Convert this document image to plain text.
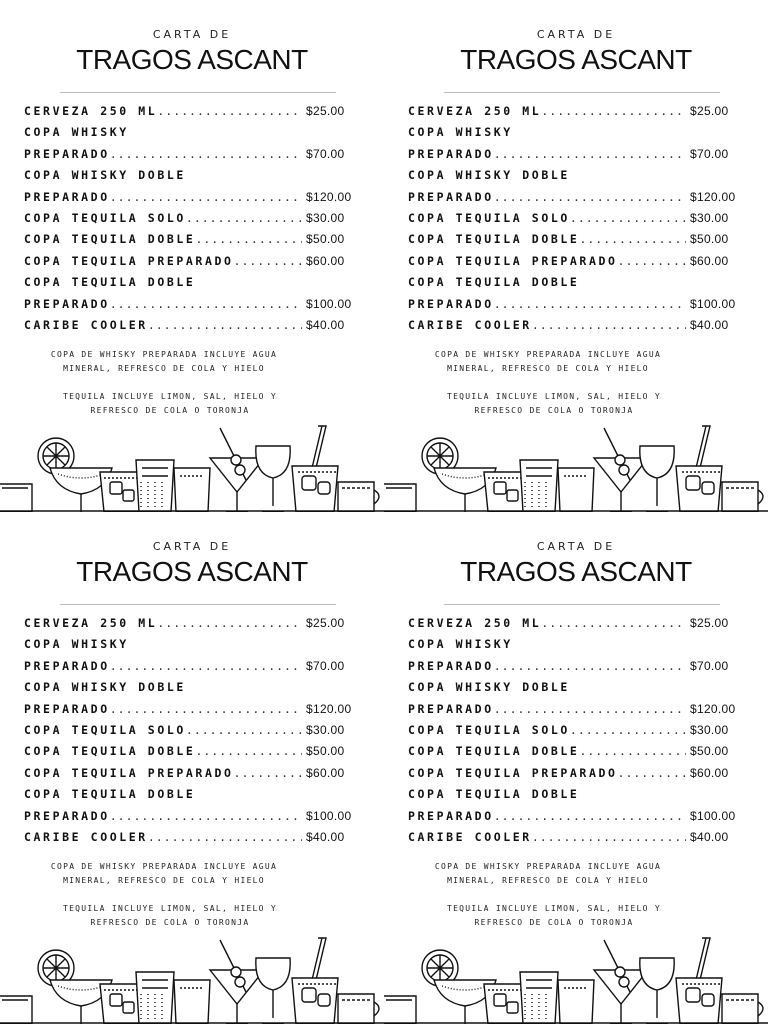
CARTA DE
TRAGOS ASCANT
CERVEZA 250 ML .....	$25.00
COPA WHISKY
PREPARADO .....	$70.00
COPA WHISKY DOBLE
PREPARADO .....	$120.00
COPA TEQUILA SOLO .....	$30.00
COPA TEQUILA DOBLE .....	$50.00
COPA TEQUILA PREPARADO .....	$60.00
COPA TEQUILA DOBLE
PREPARADO .....	$100.00
CARIBE COOLER .....	$40.00
COPA DE WHISKY PREPARADA INCLUYE AGUA
MINERAL, REFRESCO DE COLA Y HIELO
TEQUILA INCLUYE LIMON, SAL, HIELO Y
REFRESCO DE COLA O TORONJA
CARTA DE
TRAGOS ASCANT
CERVEZA 250 ML .....	$25.00
COPA WHISKY
PREPARADO .....	$70.00
COPA WHISKY DOBLE
PREPARADO .....	$120.00
COPA TEQUILA SOLO .....	$30.00
COPA TEQUILA DOBLE .....	$50.00
COPA TEQUILA PREPARADO .....	$60.00
COPA TEQUILA DOBLE
PREPARADO .....	$100.00
CARIBE COOLER .....	$40.00
COPA DE WHISKY PREPARADA INCLUYE AGUA
MINERAL, REFRESCO DE COLA Y HIELO
TEQUILA INCLUYE LIMON, SAL, HIELO Y
REFRESCO DE COLA O TORONJA
CARTA DE
TRAGOS ASCANT
CERVEZA 250 ML .....	$25.00
COPA WHISKY
PREPARADO .....	$70.00
COPA WHISKY DOBLE
PREPARADO .....	$120.00
COPA TEQUILA SOLO .....	$30.00
COPA TEQUILA DOBLE .....	$50.00
COPA TEQUILA PREPARADO .....	$60.00
COPA TEQUILA DOBLE
PREPARADO .....	$100.00
CARIBE COOLER .....	$40.00
COPA DE WHISKY PREPARADA INCLUYE AGUA
MINERAL, REFRESCO DE COLA Y HIELO
TEQUILA INCLUYE LIMON, SAL, HIELO Y
REFRESCO DE COLA O TORONJA
CARTA DE
TRAGOS ASCANT
CERVEZA 250 ML .....	$25.00
COPA WHISKY
PREPARADO .....	$70.00
COPA WHISKY DOBLE
PREPARADO .....	$120.00
COPA TEQUILA SOLO .....	$30.00
COPA TEQUILA DOBLE .....	$50.00
COPA TEQUILA PREPARADO .....	$60.00
COPA TEQUILA DOBLE
PREPARADO .....	$100.00
CARIBE COOLER .....	$40.00
COPA DE WHISKY PREPARADA INCLUYE AGUA
MINERAL, REFRESCO DE COLA Y HIELO
TEQUILA INCLUYE LIMON, SAL, HIELO Y
REFRESCO DE COLA O TORONJA
